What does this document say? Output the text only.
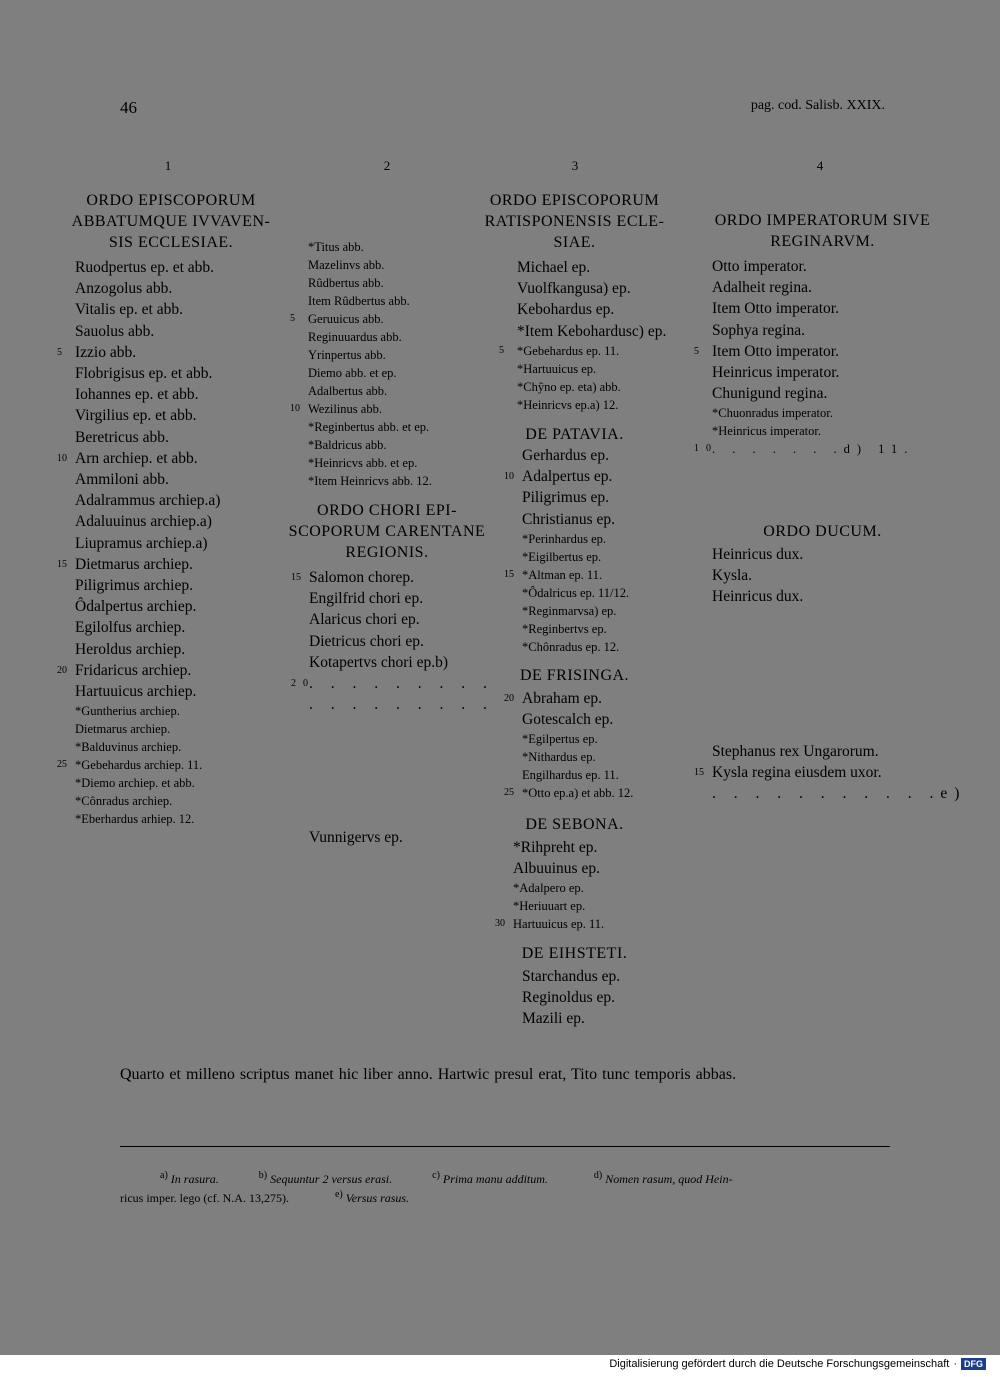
46	pag. cod. Salisb. XXIX.
1	2	3	4
ORDO EPISCOPORUM
ABBATUMQUE IVVAVEN-
SIS ECCLESIAE.
Ruodpertus ep. et abb.
Anzogolus abb.
Vitalis ep. et abb.
Sauolus abb.
5 Izzio abb.
Flobrigisus ep. et abb.
Iohannes ep. et abb.
Virgilius ep. et abb.
Beretricus abb.
10 Arn archiep. et abb.
Ammiloni abb.
Adalrammus archiep.a)
Adaluuinus archiep.a)
Liupramus archiep.a)
15 Dietmarus archiep.
Piligrimus archiep.
Ôdalpertus archiep.
Egilolfus archiep.
Heroldus archiep.
20 Fridaricus archiep.
Hartuuicus archiep.
*Guntherius archiep.
Dietmarus archiep.
*Balduvinus archiep.
25 *Gebehardus archiep. 11.
*Diemo archiep. et abb.
*Cônradus archiep.
*Eberhardus arhiep. 12.
*Titus abb.
Mazelinvs abb.
Rûdbertus abb.
Item Rûdbertus abb.
5 Geruuicus abb.
Reginuuardus abb.
Yrinpertus abb.
Diemo abb. et ep.
Adalbertus abb.
10 Wezilinus abb.
*Reginbertus abb. et ep.
*Baldricus abb.
*Heinricvs abb. et ep.
*Item Heinricvs abb. 12.
ORDO CHORI EPI-
SCOPORUM CARENTANE
REGIONIS.
15 Salomon chorep.
Engilfrid chori ep.
Alaricus chori ep.
Dietricus chori ep.
Kotapertvs chori ep.b)
20
. . . . . . . . .
. . . . . . . . .
Vunnigervs ep.
ORDO EPISCOPORUM
RATISPONENSIS ECLE-
SIAE.
Michael ep.
Vuolfkangusa) ep.
Kebohardus ep.
*Item Kebohardusc) ep.
5 *Gebehardus ep. 11.
*Hartuuicus ep.
*Chŷno ep. eta) abb.
*Heinricvs ep.a) 12.
DE PATAVIA.
Gerhardus ep.
10 Adalpertus ep.
Piligrimus ep.
Christianus ep.
*Perinhardus ep.
*Eigilbertus ep.
15 *Altman ep. 11.
*Ôdalricus ep. 11/12.
*Reginmarvsa) ep.
*Reginbertvs ep.
*Chônradus ep. 12.
DE FRISINGA.
20 Abraham ep.
Gotescalch ep.
*Egilpertus ep.
*Nithardus ep.
Engilhardus ep. 11.
25 *Otto ep.a) et abb. 12.
DE SEBONA.
*Rihpreht ep.
Albuuinus ep.
*Adalpero ep.
*Heriuuart ep.
30 Hartuuicus ep. 11.
DE EIHSTETI.
Starchandus ep.
Reginoldus ep.
Mazili ep.
ORDO IMPERATORUM SIVE
REGINARVM.
Otto imperator.
Adalheit regina.
Item Otto imperator.
Sophya regina.
5 Item Otto imperator.
Heinricus imperator.
Chunigund regina.
*Chuonradus imperator.
*Heinricus imperator.
10
. . . . . . .d) 11.
ORDO DUCUM.
Heinricus dux.
Kysla.
Heinricus dux.
Stephanus rex Ungarorum.
15 Kysla regina eiusdem uxor.
. . . . . . . . . . .e)
Quarto et milleno scriptus manet hic liber anno. Hartwic presul erat, Tito tunc temporis abbas.
$^{a)}$ In rasura.	$^{b)}$ Sequuntur 2 versus erasi.	$^{c)}$ Prima manu additum.	$^{d)}$ Nomen rasum, quod Hein-
ricus imper. lego (cf. N.A. 13,275).	$^{e)}$ Versus rasus.
Digitalisierung gefördert durch die Deutsche Forschungsgemeinschaft · DFG
